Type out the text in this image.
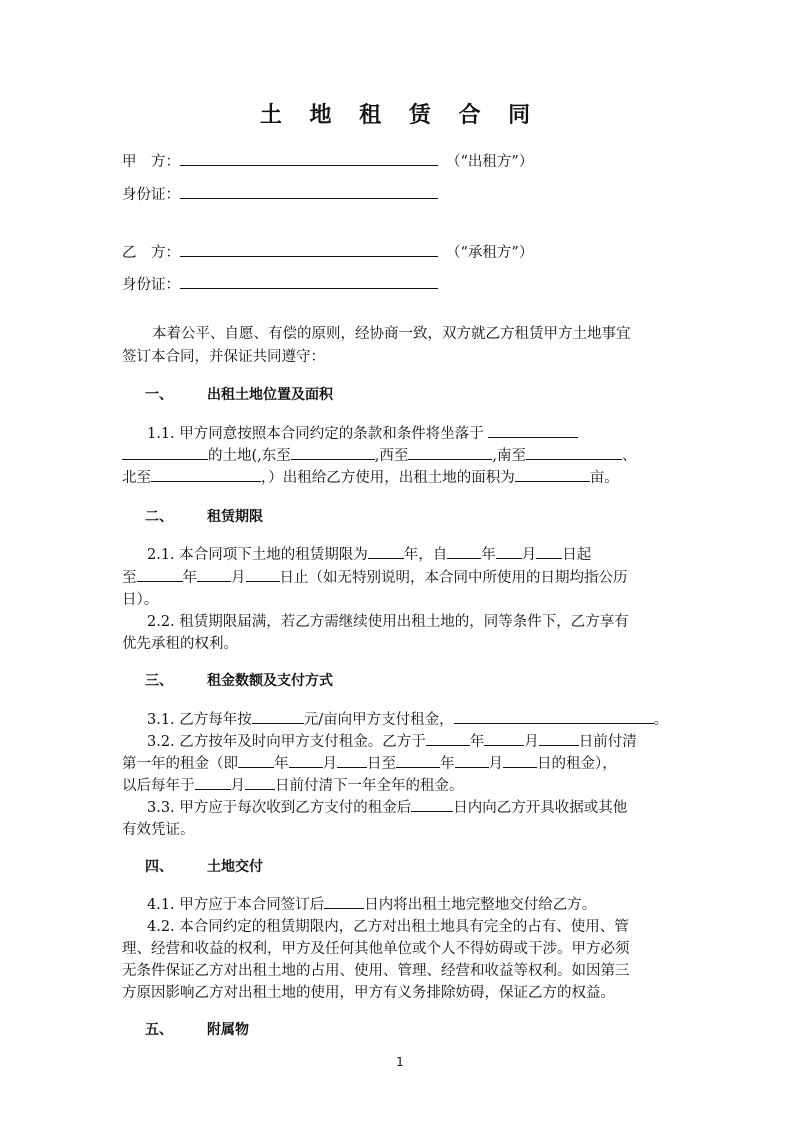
土 地 租 赁 合 同
甲　方：	（“出租方”）
身份证：
乙　方：	（“承租方”）
身份证：
本着公平、自愿、有偿的原则，经协商一致，双方就乙方租赁甲方土地事宜
签订本合同，并保证共同遵守：
一、 出租土地位置及面积
1.1. 甲方同意按照本合同约定的条款和条件将坐落于
的土地(,东至	,西至	,南至	、
北至	，）出租给乙方使用，出租土地的面积为	亩。
二、 租赁期限
2.1. 本合同项下土地的租赁期限为 年，自 年 月 日起
至	年 月 日止（如无特别说明，本合同中所使用的日期均指公历
日）。
2.2. 租赁期限届满，若乙方需继续使用出租土地的，同等条件下，乙方享有
优先承租的权利。
三、 租金数额及支付方式
3.1. 乙方每年按	元/亩向甲方支付租金，	。
3.2. 乙方按年及时向甲方支付租金。乙方于	年	月	日前付清
第一年的租金（即 年 月 日至	年 月 日的租金），
以后每年于 月 日前付清下一年全年的租金。
3.3. 甲方应于每次收到乙方支付的租金后	日内向乙方开具收据或其他
有效凭证。
四、 土地交付
4.1. 甲方应于本合同签订后	日内将出租土地完整地交付给乙方。
4.2. 本合同约定的租赁期限内，乙方对出租土地具有完全的占有、使用、管
理、经营和收益的权利，甲方及任何其他单位或个人不得妨碍或干涉。甲方必须
无条件保证乙方对出租土地的占用、使用、管理、经营和收益等权利。如因第三
方原因影响乙方对出租土地的使用，甲方有义务排除妨碍，保证乙方的权益。
五、 附属物
1
